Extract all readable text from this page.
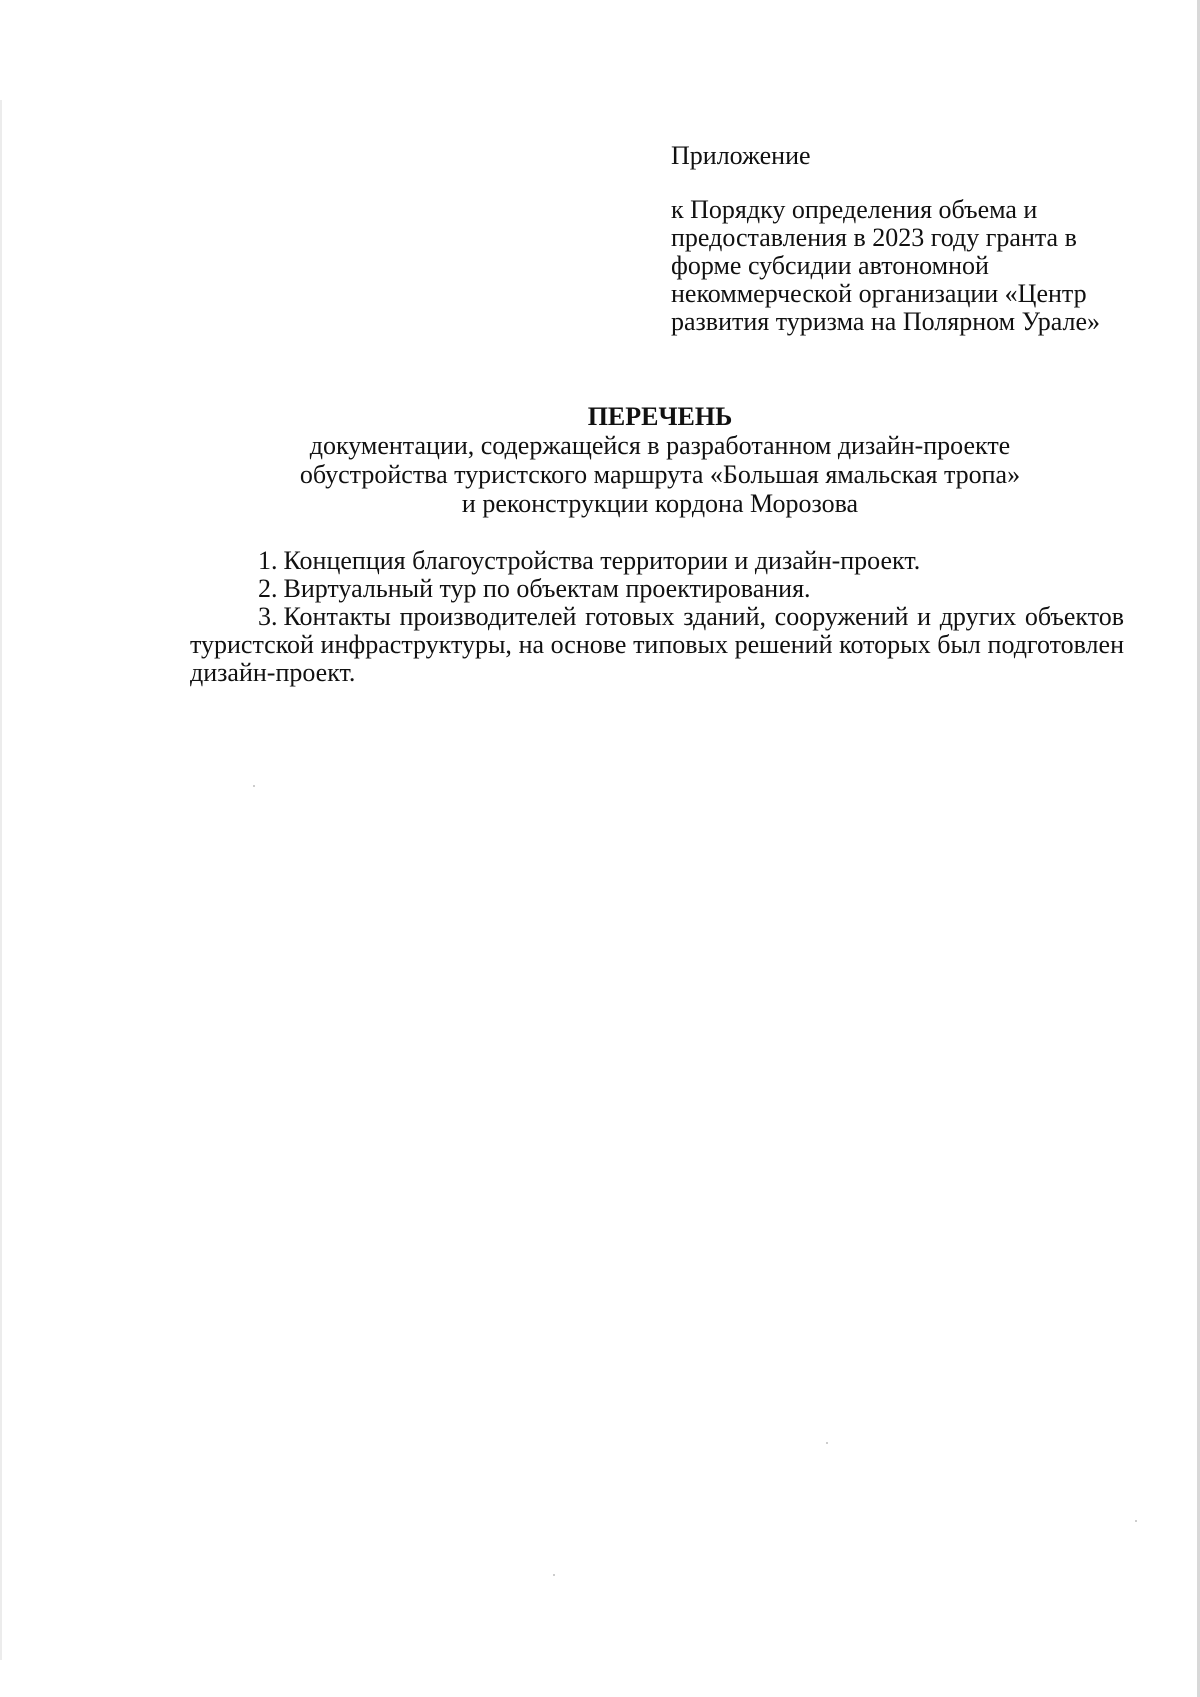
Приложение

к Порядку определения объема и
предоставления в 2023 году гранта в
форме субсидии автономной
некоммерческой организации «Центр
развития туризма на Полярном Урале»

ПЕРЕЧЕНЬ

документации, содержащейся в разработанном дизайн-проекте
обустройства туристского маршрута «Большая ямальская тропа»
и реконструкции кордона Морозова

1. Концепция благоустройства территории и дизайн-проект.

2. Виртуальный тур по объектам проектирования.

3. Контакты производителей готовых зданий, сооружений и других объектов туристской инфраструктуры, на основе типовых решений которых был подготовлен дизайн-проект.
